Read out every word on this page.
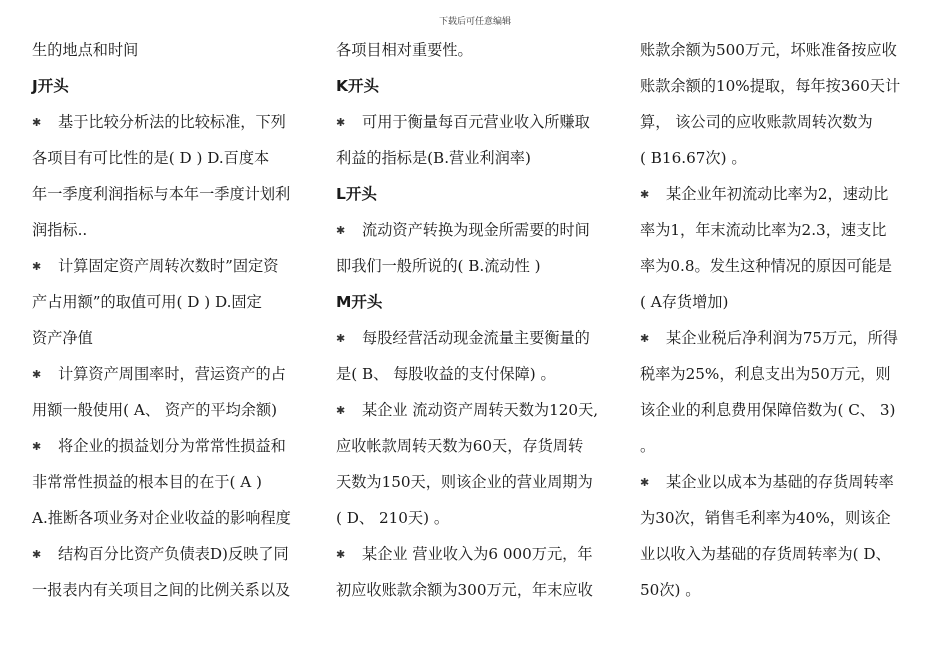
下载后可任意编辑
生的地点和时间
J开头
✱ 基于比较分析法的比较标准，下列
各项目有可比性的是( D ) D.百度本
年一季度利润指标与本年一季度计划利
润指标..
✱ 计算固定资产周转次数时”固定资
产占用额”的取值可用( D ) D.固定
资产净值
✱ 计算资产周围率时，营运资产的占
用额一般使用( A、 资产的平均余额)
✱ 将企业的损益划分为常常性损益和
非常常性损益的根本目的在于( A )
A.推断各项业务对企业收益的影响程度
✱ 结构百分比资产负债表D)反映了同
一报表内有关项目之间的比例关系以及
各项目相对重要性。
K开头
✱ 可用于衡量每百元营业收入所赚取
利益的指标是(B.营业利润率)
L开头
✱ 流动资产转换为现金所需要的时间
即我们一般所说的( B.流动性 )
M开头
✱ 每股经营活动现金流量主要衡量的
是( B、 每股收益的支付保障) 。
✱ 某企业 流动资产周转天数为120天,
应收帐款周转天数为60天，存货周转
天数为150天，则该企业的营业周期为
( D、 210天) 。
✱ 某企业 营业收入为6 000万元，年
初应收账款余额为300万元，年末应收
账款余额为500万元，坏账准备按应收
账款余额的10%提取，每年按360天计
算， 该公司的应收账款周转次数为
( B16.67次) 。
✱ 某企业年初流动比率为2，速动比
率为1，年末流动比率为2.3，速支比
率为0.8。发生这种情况的原因可能是
( A存货增加)
✱ 某企业税后净利润为75万元，所得
税率为25%，利息支出为50万元，则
该企业的利息费用保障倍数为( C、 3)
。
✱ 某企业以成本为基础的存货周转率
为30次，销售毛利率为40%，则该企
业以收入为基础的存货周转率为( D、
50次) 。
